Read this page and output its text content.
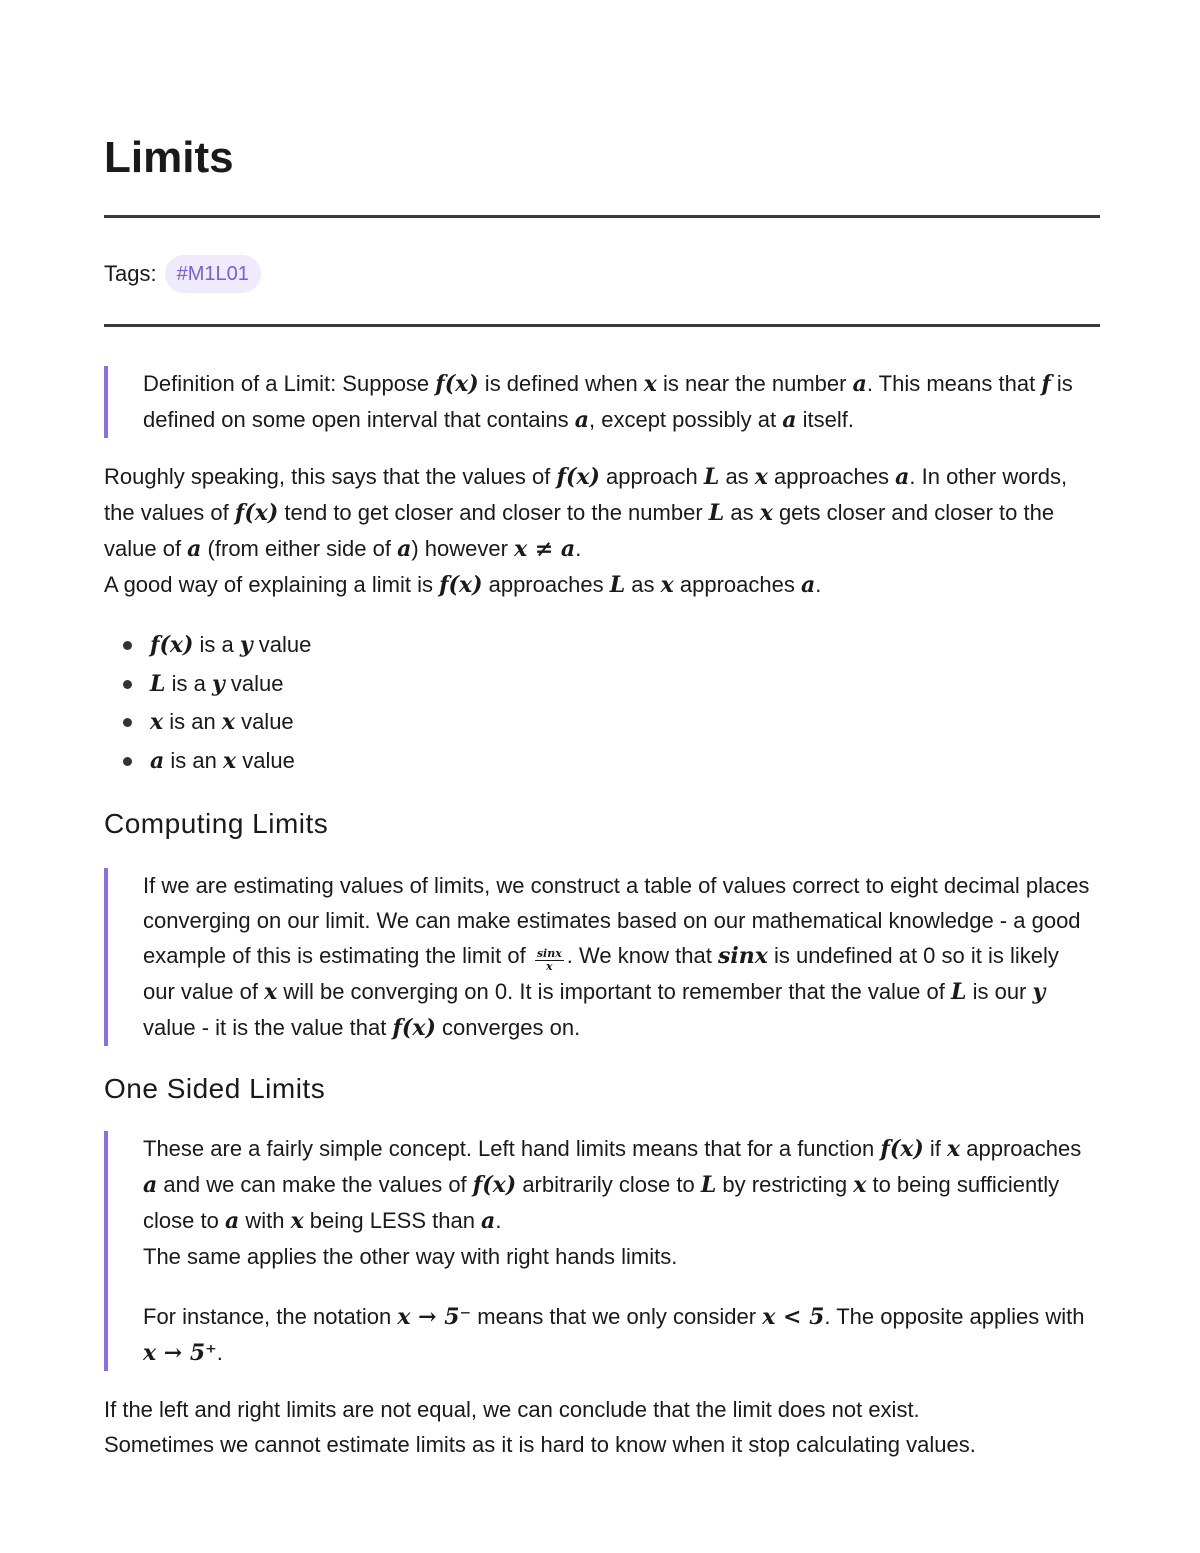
Limits
Tags:	#M1L01

Definition of a Limit: Suppose f(x) is defined when x is near the number a. This means that f is defined on some open interval that contains a, except possibly at a itself.

Roughly speaking, this says that the values of f(x) approach L as x approaches a. In other words, the values of f(x) tend to get closer and closer to the number L as x gets closer and closer to the value of a (from either side of a) however x ≠ a.

A good way of explaining a limit is f(x) approaches L as x approaches a.

f(x) is a y value
L is a y value
x is an x value
a is an x value
Computing Limits

If we are estimating values of limits, we construct a table of values correct to eight decimal places converging on our limit. We can make estimates based on our mathematical knowledge - a good example of this is estimating the limit of $\frac{\sin x}{x}$ . We know that sinx is undefined at 0 so it is likely our value of x will be converging on 0. It is important to remember that the value of L is our y value - it is the value that f(x) converges on.

One Sided Limits

These are a fairly simple concept. Left hand limits means that for a function f(x) if x approaches a and we can make the values of f(x) arbitrarily close to L by restricting x to being sufficiently close to a with x being LESS than a.

The same applies the other way with right hands limits.

For instance, the notation x → 5⁻ means that we only consider x < 5. The opposite applies with x → 5⁺.

If the left and right limits are not equal, we can conclude that the limit does not exist.

Sometimes we cannot estimate limits as it is hard to know when it stop calculating values.
